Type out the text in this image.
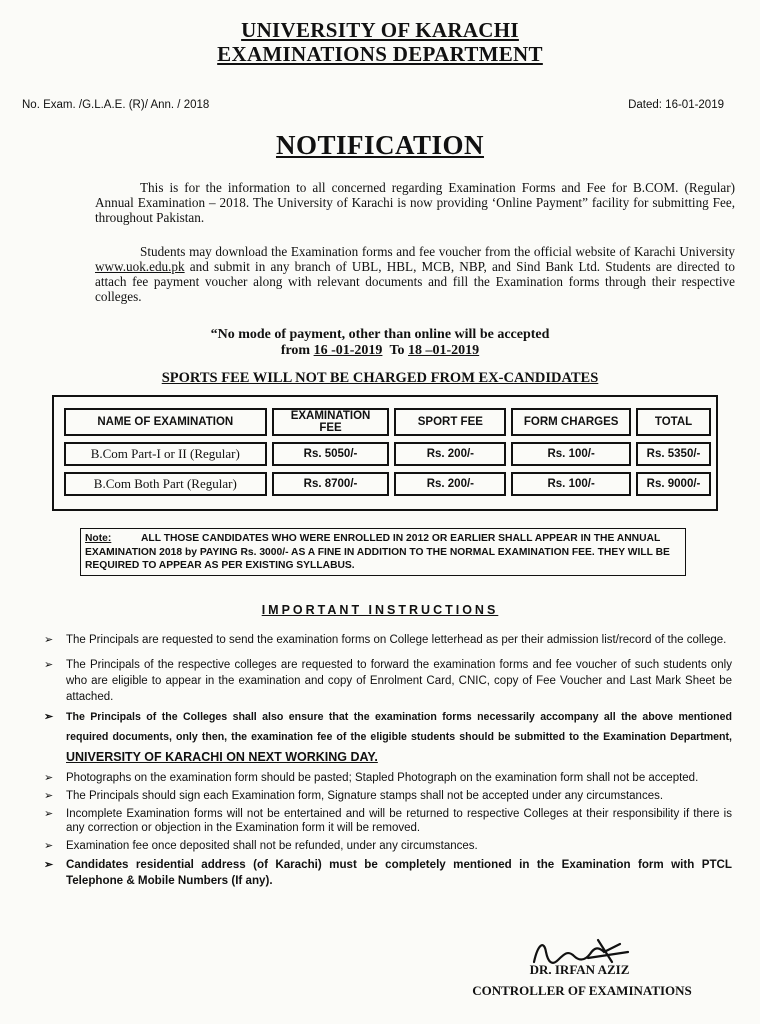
UNIVERSITY OF KARACHI
EXAMINATIONS DEPARTMENT
No. Exam. /G.L.A.E. (R)/ Ann. / 2018	Dated: 16-01-2019
NOTIFICATION
This is for the information to all concerned regarding Examination Forms and Fee for B.COM. (Regular) Annual Examination – 2018. The University of Karachi is now providing ‘Online Payment” facility for submitting Fee, throughout Pakistan.
Students may download the Examination forms and fee voucher from the official website of Karachi University www.uok.edu.pk and submit in any branch of UBL, HBL, MCB, NBP, and Sind Bank Ltd. Students are directed to attach fee payment voucher along with relevant documents and fill the Examination forms through their respective colleges.
“No mode of payment, other than online will be accepted
from 16 -01-2019 To 18 –01-2019
SPORTS FEE WILL NOT BE CHARGED FROM EX-CANDIDATES
NAME OF EXAMINATION	EXAMINATION FEE	SPORT FEE	FORM CHARGES	TOTAL
B.Com Part-I or II (Regular)	Rs. 5050/-	Rs. 200/-	Rs. 100/-	Rs. 5350/-
B.Com Both Part (Regular)	Rs. 8700/-	Rs. 200/-	Rs. 100/-	Rs. 9000/-
Note:	ALL THOSE CANDIDATES WHO WERE ENROLLED IN 2012 OR EARLIER SHALL APPEAR IN THE ANNUAL EXAMINATION 2018 by PAYING Rs. 3000/- AS A FINE IN ADDITION TO THE NORMAL EXAMINATION FEE. THEY WILL BE REQUIRED TO APPEAR AS PER EXISTING SYLLABUS.
IMPORTANT INSTRUCTIONS
➢ The Principals are requested to send the examination forms on College letterhead as per their admission list/record of the college.
➢ The Principals of the respective colleges are requested to forward the examination forms and fee voucher of such students only who are eligible to appear in the examination and copy of Enrolment Card, CNIC, copy of Fee Voucher and Last Mark Sheet be attached.
➢ The Principals of the Colleges shall also ensure that the examination forms necessarily accompany all the above mentioned required documents, only then, the examination fee of the eligible students should be submitted to the Examination Department, UNIVERSITY OF KARACHI ON NEXT WORKING DAY.
➢ Photographs on the examination form should be pasted; Stapled Photograph on the examination form shall not be accepted.
➢ The Principals should sign each Examination form, Signature stamps shall not be accepted under any circumstances.
➢ Incomplete Examination forms will not be entertained and will be returned to respective Colleges at their responsibility if there is any correction or objection in the Examination form it will be removed.
➢ Examination fee once deposited shall not be refunded, under any circumstances.
➢ Candidates residential address (of Karachi) must be completely mentioned in the Examination form with PTCL Telephone & Mobile Numbers (If any).
DR. IRFAN AZIZ
CONTROLLER OF EXAMINATIONS
